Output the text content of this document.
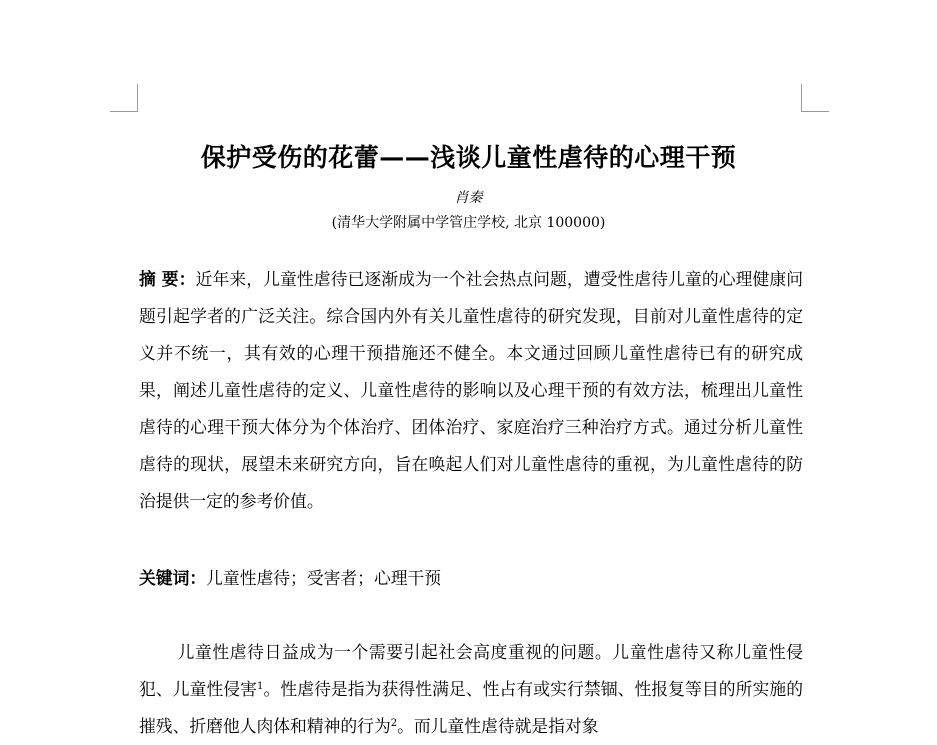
保护受伤的花蕾——浅谈儿童性虐待的心理干预
肖秦
(清华大学附属中学管庄学校, 北京 100000)

摘 要：近年来，儿童性虐待已逐渐成为一个社会热点问题，遭受性虐待儿童的心理健康问题引起学者的广泛关注。综合国内外有关儿童性虐待的研究发现，目前对儿童性虐待的定义并不统一，其有效的心理干预措施还不健全。本文通过回顾儿童性虐待已有的研究成果，阐述儿童性虐待的定义、儿童性虐待的影响以及心理干预的有效方法，梳理出儿童性虐待的心理干预大体分为个体治疗、团体治疗、家庭治疗三种治疗方式。通过分析儿童性虐待的现状，展望未来研究方向，旨在唤起人们对儿童性虐待的重视，为儿童性虐待的防治提供一定的参考价值。

关键词：儿童性虐待；受害者；心理干预

儿童性虐待日益成为一个需要引起社会高度重视的问题。儿童性虐待又称儿童性侵犯、儿童性侵害$^1$。性虐待是指为获得性满足、性占有或实行禁锢、性报复等目的所实施的摧残、折磨他人肉体和精神的行为$^2$。而儿童性虐待就是指对象
